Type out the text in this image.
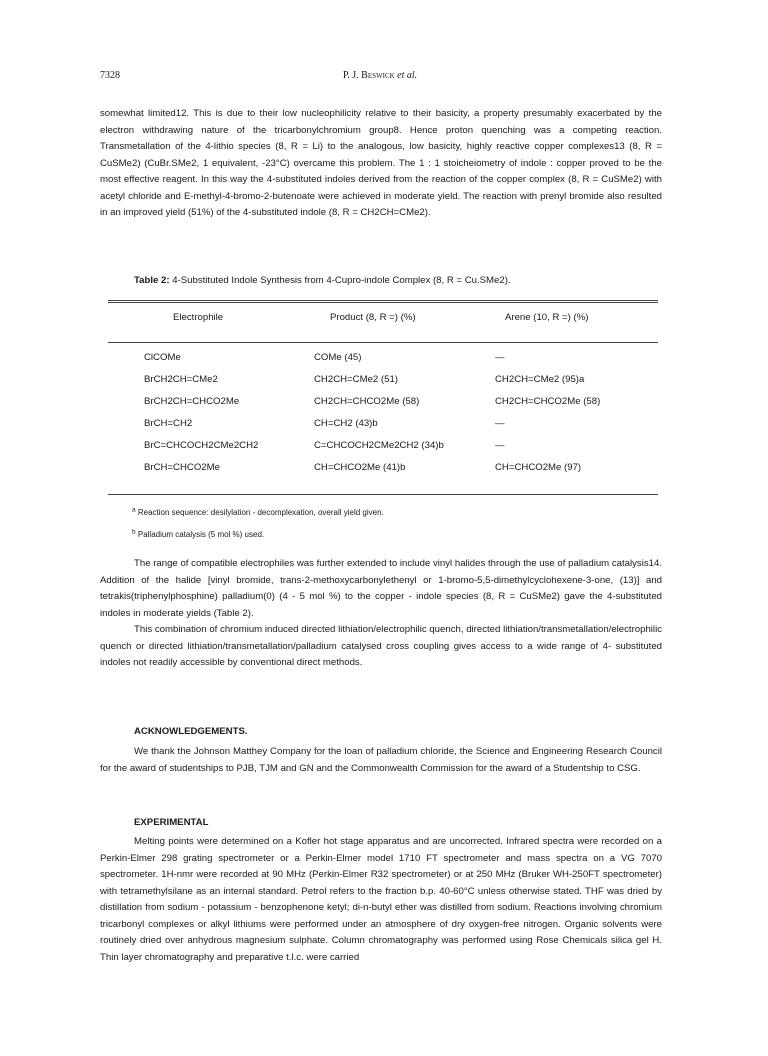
7328	P. J. Beswick et al.

somewhat limited12. This is due to their low nucleophilicity relative to their basicity, a property presumably exacerbated by the electron withdrawing nature of the tricarbonylchromium group8. Hence proton quenching was a competing reaction. Transmetallation of the 4-lithio species (8, R = Li) to the analogous, low basicity, highly reactive copper complexes13 (8, R = CuSMe2) (CuBr.SMe2, 1 equivalent, -23°C) overcame this problem. The 1 : 1 stoicheiometry of indole : copper proved to be the most effective reagent. In this way the 4-substituted indoles derived from the reaction of the copper complex (8, R = CuSMe2) with acetyl chloride and E-methyl-4-bromo-2-butenoate were achieved in moderate yield. The reaction with prenyl bromide also resulted in an improved yield (51%) of the 4-substituted indole (8, R = CH2CH=CMe2).

Table 2: 4-Substituted Indole Synthesis from 4-Cupro-indole Complex (8, R = Cu.SMe2).
Electrophile	Product (8, R =) (%)	Arene (10, R =) (%)
ClCOMe	COMe (45)	—
BrCH2CH=CMe2	CH2CH=CMe2 (51)	CH2CH=CMe2 (95)a
BrCH2CH=CHCO2Me	CH2CH=CHCO2Me (58)	CH2CH=CHCO2Me (58)
BrCH=CH2	CH=CH2 (43)b	—
BrC=CHCOCH2CMe2CH2	C=CHCOCH2CMe2CH2 (34)b	—
BrCH=CHCO2Me	CH=CHCO2Me (41)b	CH=CHCO2Me (97)
$^a$ Reaction sequence: desilylation - decomplexation, overall yield given.
$^b$ Palladium catalysis (5 mol %) used.

The range of compatible electrophiles was further extended to include vinyl halides through the use of palladium catalysis14. Addition of the halide [vinyl bromide, trans-2-methoxycarbonylethenyl or 1-bromo-5,5-dimethylcyclohexene-3-one, (13)] and tetrakis(triphenylphosphine) palladium(0) (4 - 5 mol %) to the copper - indole species (8, R = CuSMe2) gave the 4-substituted indoles in moderate yields (Table 2).

This combination of chromium induced directed lithiation/electrophilic quench, directed lithiation/transmetallation/electrophilic quench or directed lithiation/transmetallation/palladium catalysed cross coupling gives access to a wide range of 4- substituted indoles not readily accessible by conventional direct methods.

ACKNOWLEDGEMENTS.

We thank the Johnson Matthey Company for the loan of palladium chloride, the Science and Engineering Research Council for the award of studentships to PJB, TJM and GN and the Commonwealth Commission for the award of a Studentship to CSG.

EXPERIMENTAL

Melting points were determined on a Kofler hot stage apparatus and are uncorrected. Infrared spectra were recorded on a Perkin-Elmer 298 grating spectrometer or a Perkin-Elmer model 1710 FT spectrometer and mass spectra on a VG 7070 spectrometer. 1H-nmr were recorded at 90 MHz (Perkin-Elmer R32 spectrometer) or at 250 MHz (Bruker WH-250FT spectrometer) with tetramethylsilane as an internal standard. Petrol refers to the fraction b.p. 40-60°C unless otherwise stated. THF was dried by distillation from sodium - potassium - benzophenone ketyl; di-n-butyl ether was distilled from sodium. Reactions involving chromium tricarbonyl complexes or alkyl lithiums were performed under an atmosphere of dry oxygen-free nitrogen. Organic solvents were routinely dried over anhydrous magnesium sulphate. Column chromatography was performed using Rose Chemicals silica gel H. Thin layer chromatography and preparative t.l.c. were carried
